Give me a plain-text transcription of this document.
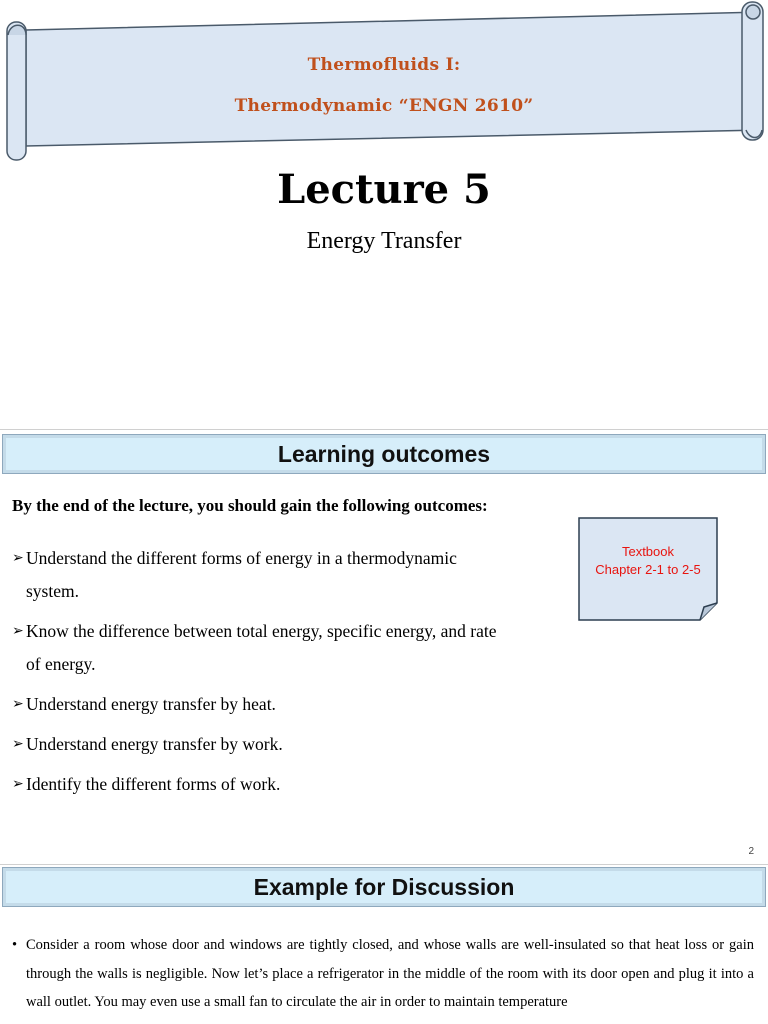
Thermofluids I:
Thermodynamic “ENGN 2610”
Lecture 5
Energy Transfer
Learning outcomes
By the end of the lecture, you should gain the following outcomes:
➢ Understand the different forms of energy in a thermodynamic
system.
➢ Know the difference between total energy, specific energy, and rate
of energy.
➢ Understand energy transfer by heat.
➢ Understand energy transfer by work.
➢ Identify the different forms of work.
Textbook
Chapter 2-1 to 2-5
2
Example for Discussion
• Consider a room whose door and windows are tightly closed, and whose walls are well-insulated so that heat loss or gain through the walls is negligible. Now let’s place a refrigerator in the middle of the room with its door open and plug it into a wall outlet. You may even use a small fan to circulate the air in order to maintain temperature
